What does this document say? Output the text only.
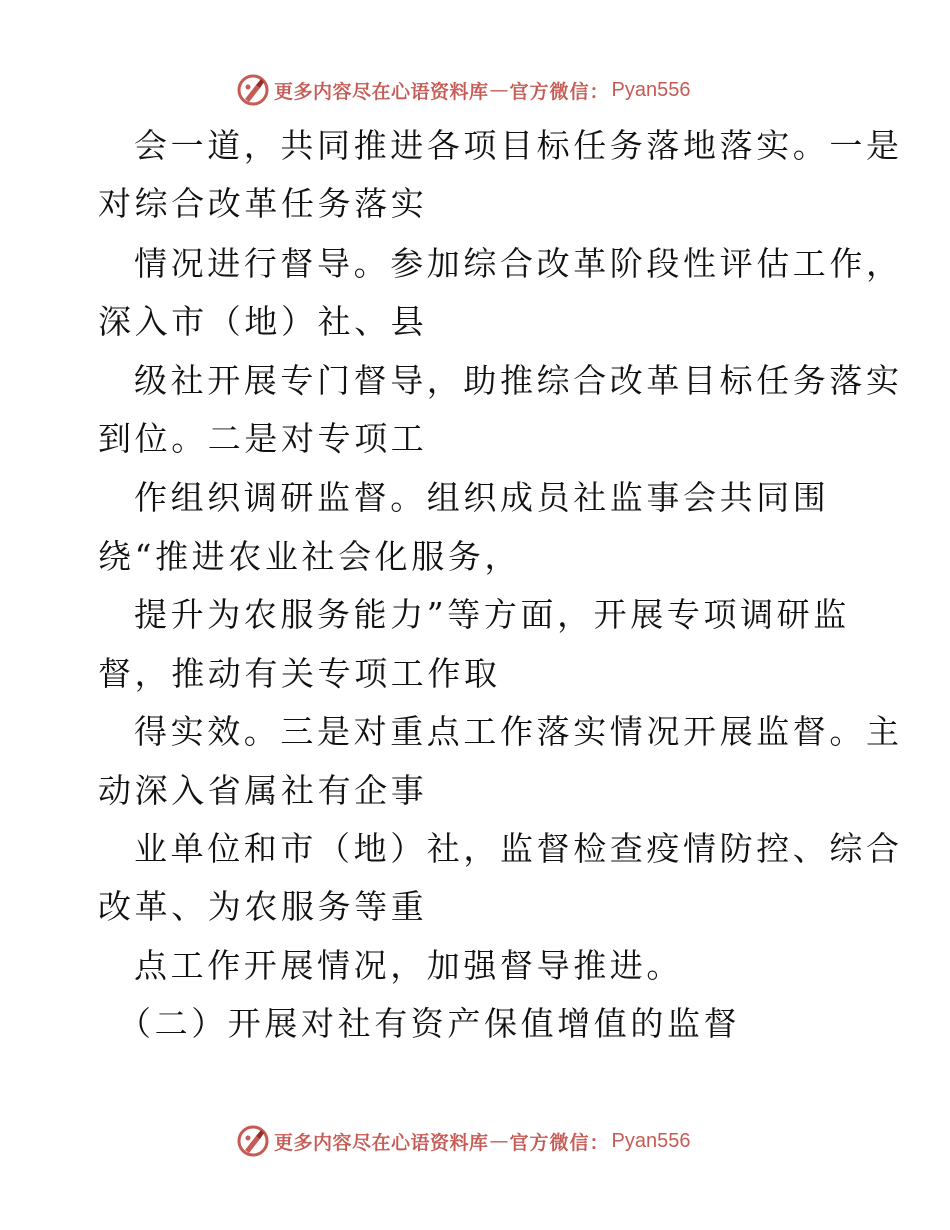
更多内容尽在心语资料库 — 官方微信： Pyan556
会一道，共同推进各项目标任务落地落实。一是
对综合改革任务落实
情况进行督导。参加综合改革阶段性评估工作，
深入市（地）社、县
级社开展专门督导，助推综合改革目标任务落实
到位。二是对专项工
作组织调研监督。组织成员社监事会共同围
绕“推进农业社会化服务，
提升为农服务能力”等方面，开展专项调研监
督，推动有关专项工作取
得实效。三是对重点工作落实情况开展监督。主
动深入省属社有企事
业单位和市（地）社，监督检查疫情防控、综合
改革、为农服务等重
点工作开展情况，加强督导推进。
（二）开展对社有资产保值增值的监督
更多内容尽在心语资料库 — 官方微信： Pyan556
